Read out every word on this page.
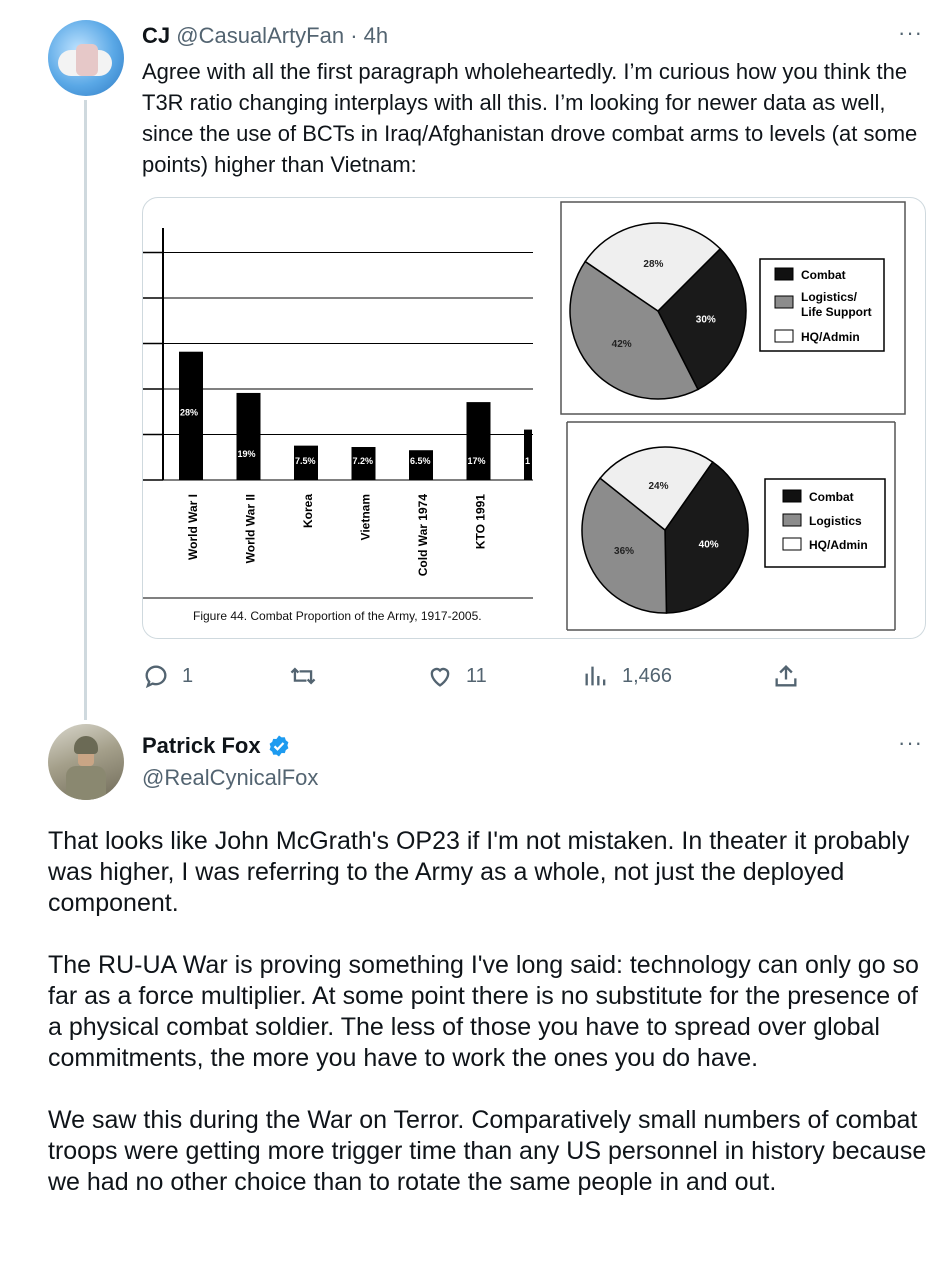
CJ @CasualArtyFan · 4h	···
Agree with all the first paragraph wholeheartedly. I’m curious how you think the T3R ratio changing interplays with all this. I’m looking for newer data as well, since the use of BCTs in Iraq/Afghanistan drove combat arms to levels (at some points) higher than Vietnam:
28%
19%
7.5%	7.2%	6.5%	17%	1
World War I	World War II	Korea	Vietnam	Cold War 1974	KTO 1991
Figure 44. Combat Proportion of the Army, 1917-2005.
30%
42%
28%
Combat
Logistics/
Life Support
HQ/Admin
40%
36%
24%
Combat
Logistics
HQ/Admin
1	11	1,466
Patrick Fox
@RealCynicalFox
···

That looks like John McGrath's OP23 if I'm not mistaken. In theater it probably was higher, I was referring to the Army as a whole, not just the deployed component.

The RU-UA War is proving something I've long said: technology can only go so far as a force multiplier. At some point there is no substitute for the presence of a physical combat soldier. The less of those you have to spread over global commitments, the more you have to work the ones you do have.

We saw this during the War on Terror. Comparatively small numbers of combat troops were getting more trigger time than any US personnel in history because we had no other choice than to rotate the same people in and out.
